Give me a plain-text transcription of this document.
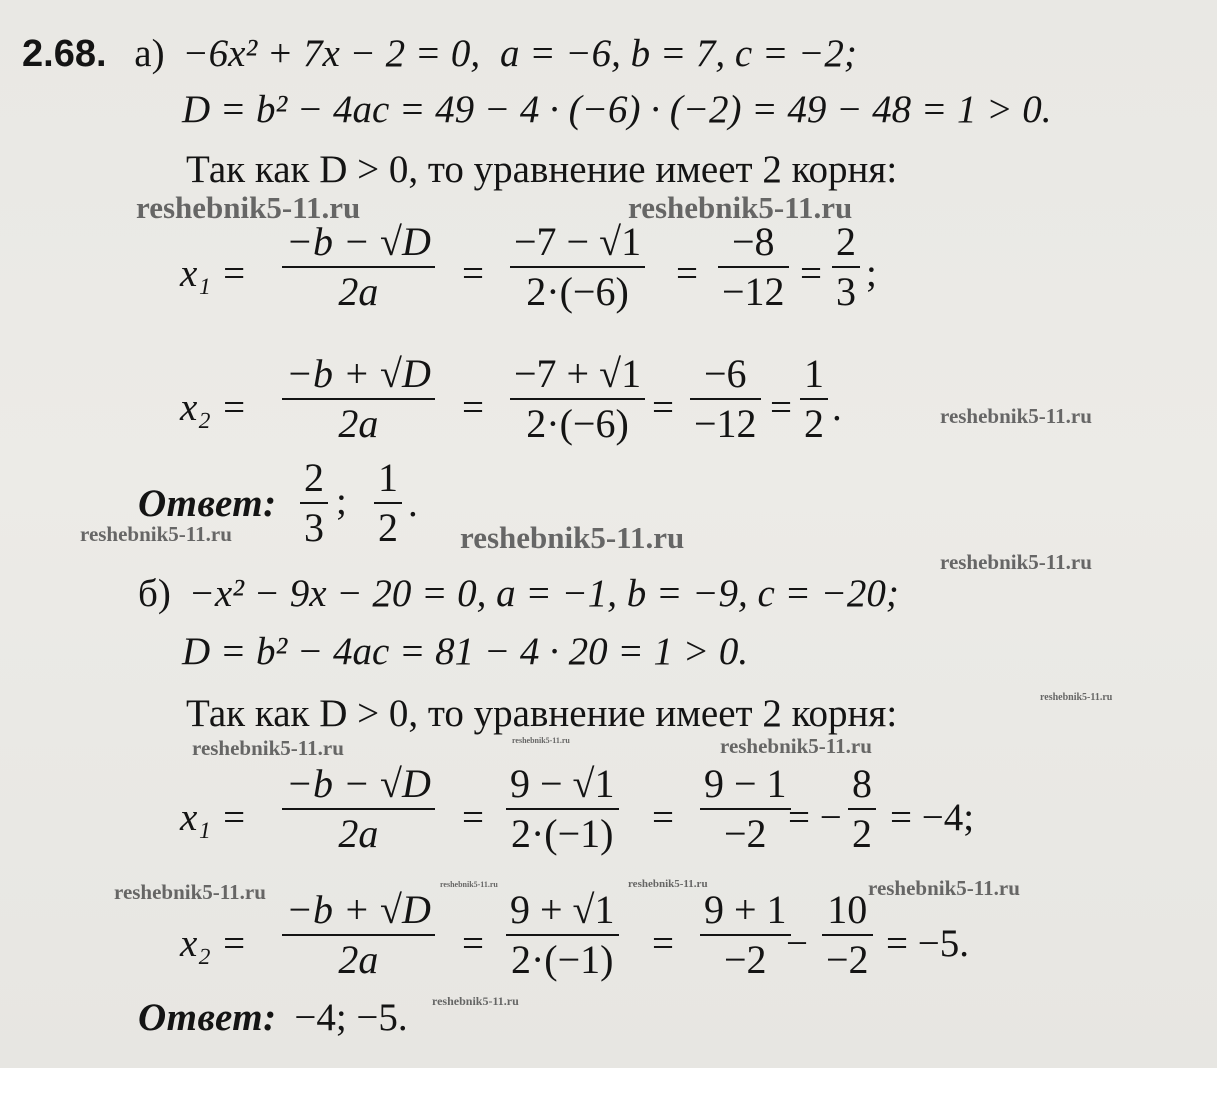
2.68. а) −6x² + 7x − 2 = 0, a = −6, b = 7, c = −2;
D = b² − 4ac = 49 − 4 · (−6) · (−2) = 49 − 48 = 1 > 0.
Так как D > 0, то уравнение имеет 2 корня:
x₁ =
−b − √D
2a =
−7 − √1
2·(−6) =
−8
−12 =
2
3 ;
x₂ =
−b + √D
2a =
−7 + √1
2·(−6) =
−6
−12 =
1
2 .
Ответ:
2
3
;
1
2
.
б) −x² − 9x − 20 = 0, a = −1, b = −9, c = −20;
D = b² − 4ac = 81 − 4 · 20 = 1 > 0.
Так как D > 0, то уравнение имеет 2 корня:
x₁ =
−b − √D
2a =
9 − √1
2·(−1) =
9 − 1
−2 = −
8
2 = −4;
x₂ =
−b + √D
2a =
9 + √1
2·(−1) =
9 + 1
−2 −
10
−2 = −5.
Ответ: −4; −5.
reshebnik5-11.ru	reshebnik5-11.ru
reshebnik5-11.ru
reshebnik5-11.ru	reshebnik5-11.ru
reshebnik5-11.ru
reshebnik5-11.ru
reshebnik5-11.ru	reshebnik5-11.ru	reshebnik5-11.ru
reshebnik5-11.ru	reshebnik5-11.ru	reshebnik5-11.ru	reshebnik5-11.ru
reshebnik5-11.ru
